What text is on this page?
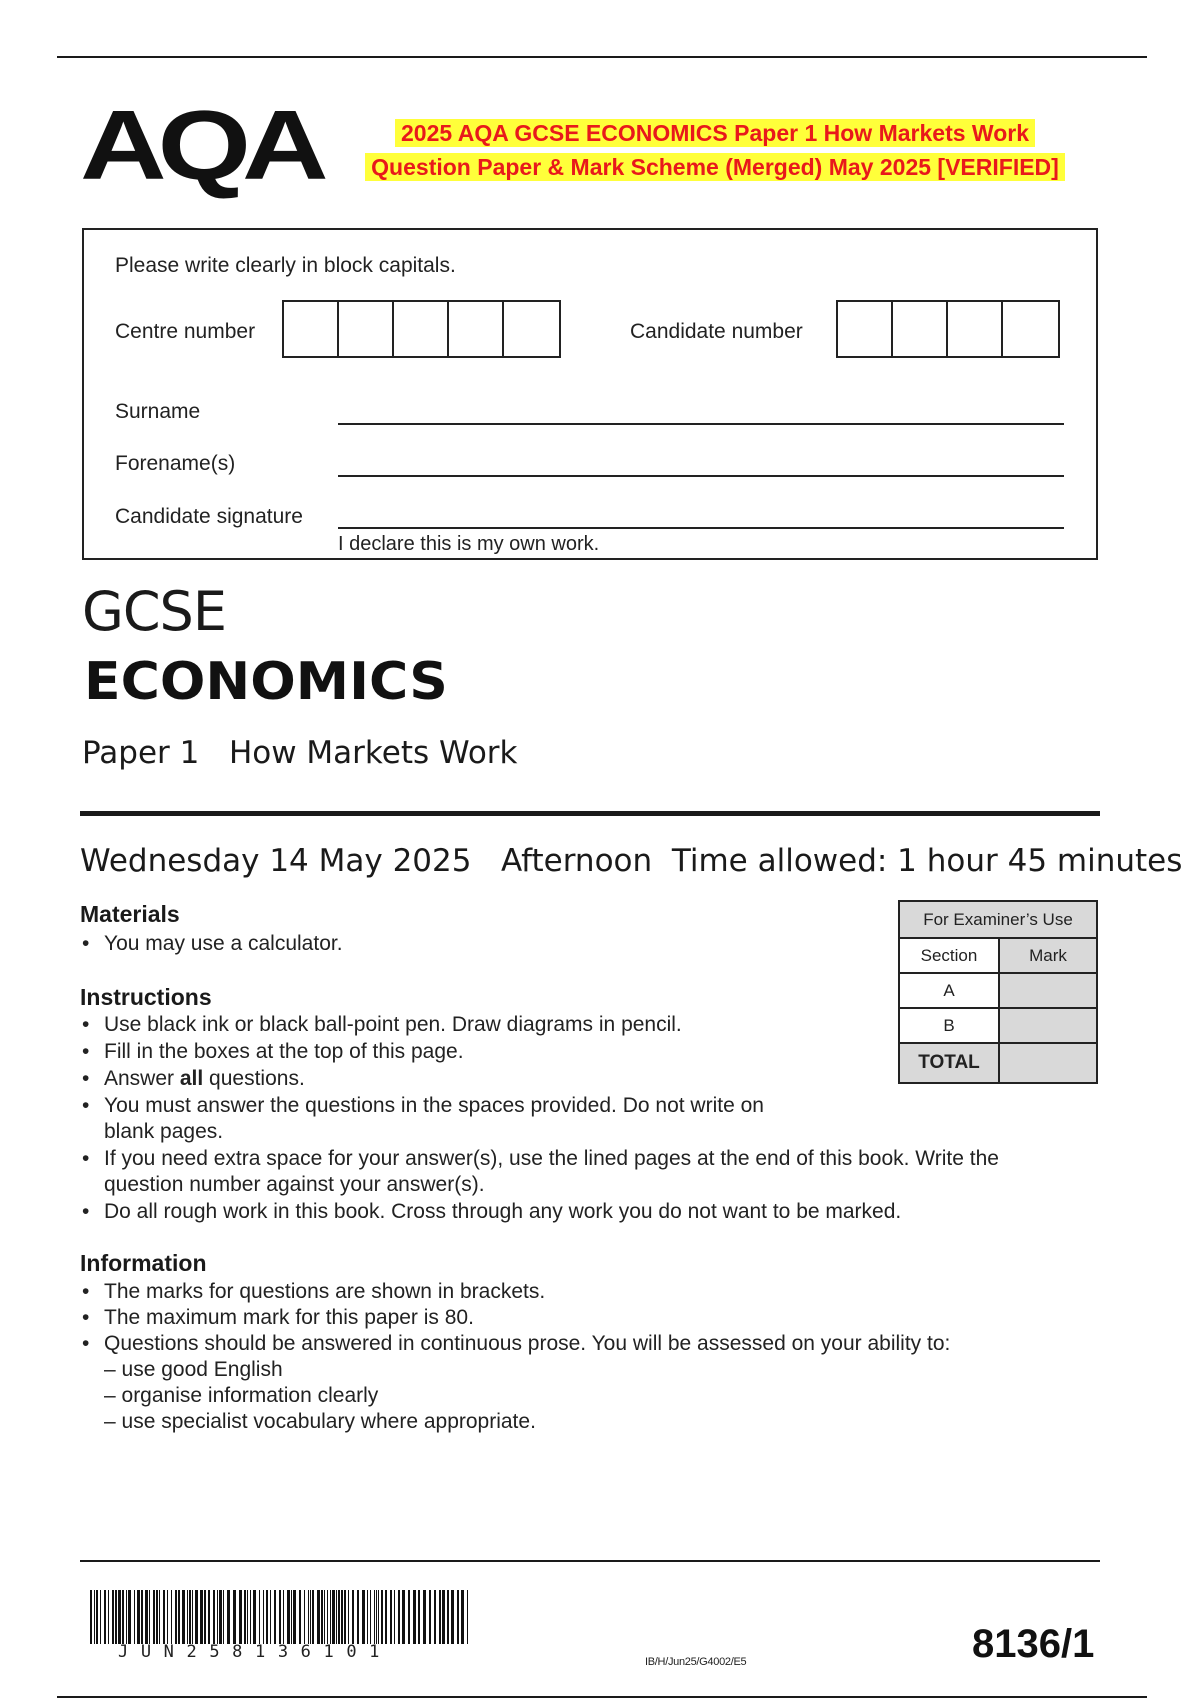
AQA	2025 AQA GCSE ECONOMICS Paper 1 How Markets Work
Question Paper & Mark Scheme (Merged) May 2025 [VERIFIED]
Please write clearly in block capitals.
Centre number	Candidate number
Surname
Forename(s)
Candidate signature
I declare this is my own work.
GCSE
ECONOMICS
Paper 1 How Markets Work
Wednesday 14 May 2025 Afternoon Time allowed: 1 hour 45 minutes
Materials
• You may use a calculator.
Instructions
• Use black ink or black ball-point pen. Draw diagrams in pencil.
• Fill in the boxes at the top of this page.
• Answer all questions.
• You must answer the questions in the spaces provided. Do not write on
blank pages.
• If you need extra space for your answer(s), use the lined pages at the end of this book. Write the question number against your answer(s).
• Do all rough work in this book. Cross through any work you do not want to be marked.
Information
• The marks for questions are shown in brackets.
• The maximum mark for this paper is 80.
• Questions should be answered in continuous prose. You will be assessed on your ability to:
– use good English
– organise information clearly
– use specialist vocabulary where appropriate.
For Examiner’s Use	
Section	Mark
A	
B	
TOTAL	
JUN258136101	IB/H/Jun25/G4002/E5	8136/1
